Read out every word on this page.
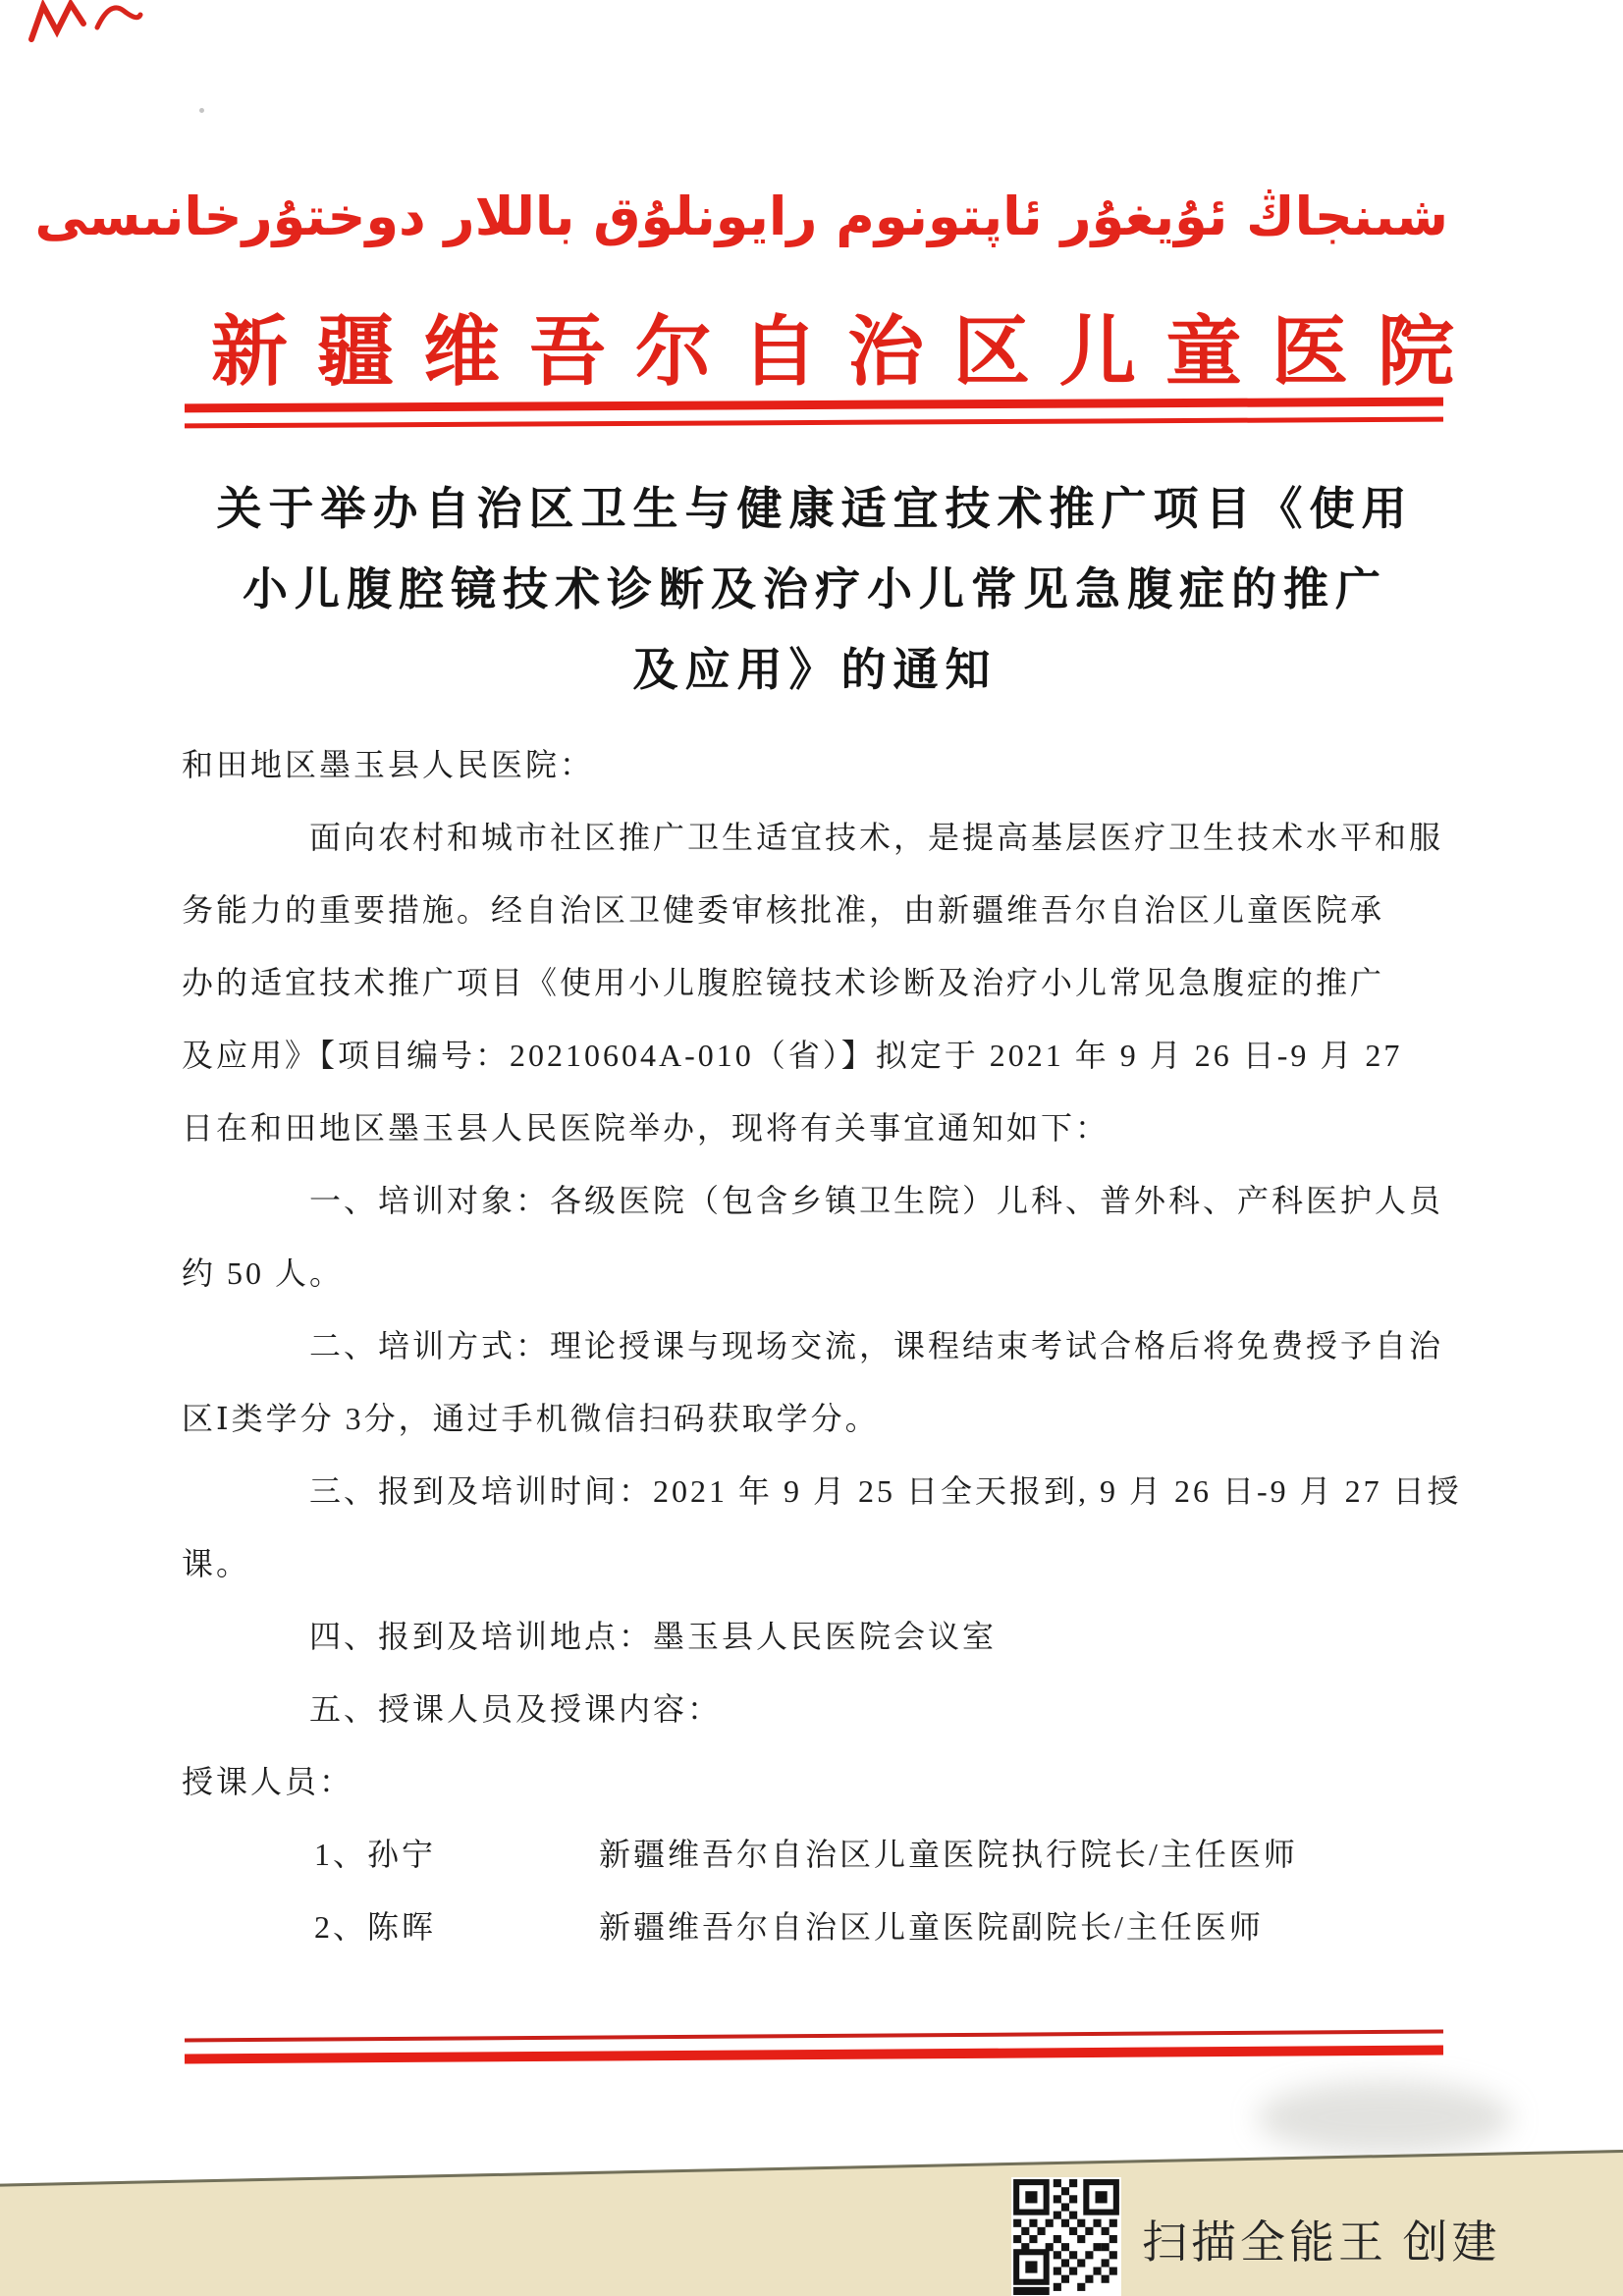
شىنجاڭ ئۇيغۇر ئاپتونوم رايونلۇق باللار دوختۇرخانىسى
新疆维吾尔自治区儿童医院
关于举办自治区卫生与健康适宜技术推广项目《使用
小儿腹腔镜技术诊断及治疗小儿常见急腹症的推广
及应用》的通知
和田地区墨玉县人民医院：
面向农村和城市社区推广卫生适宜技术，是提高基层医疗卫生技术水平和服
务能力的重要措施。经自治区卫健委审核批准，由新疆维吾尔自治区儿童医院承
办的适宜技术推广项目《使用小儿腹腔镜技术诊断及治疗小儿常见急腹症的推广
及应用》【项目编号：20210604A-010（省）】拟定于 2021 年 9 月 26 日-9 月 27
日在和田地区墨玉县人民医院举办，现将有关事宜通知如下：
一、培训对象：各级医院（包含乡镇卫生院）儿科、普外科、产科医护人员
约 50 人。
二、培训方式：理论授课与现场交流，课程结束考试合格后将免费授予自治
区Ⅰ类学分 3分，通过手机微信扫码获取学分。
三、报到及培训时间：2021 年 9 月 25 日全天报到, 9 月 26 日-9 月 27 日授
课。
四、报到及培训地点：墨玉县人民医院会议室
五、授课人员及授课内容：
授课人员：
1、孙宁	新疆维吾尔自治区儿童医院执行院长/主任医师
2、陈晖	新疆维吾尔自治区儿童医院副院长/主任医师
扫描全能王 创建
